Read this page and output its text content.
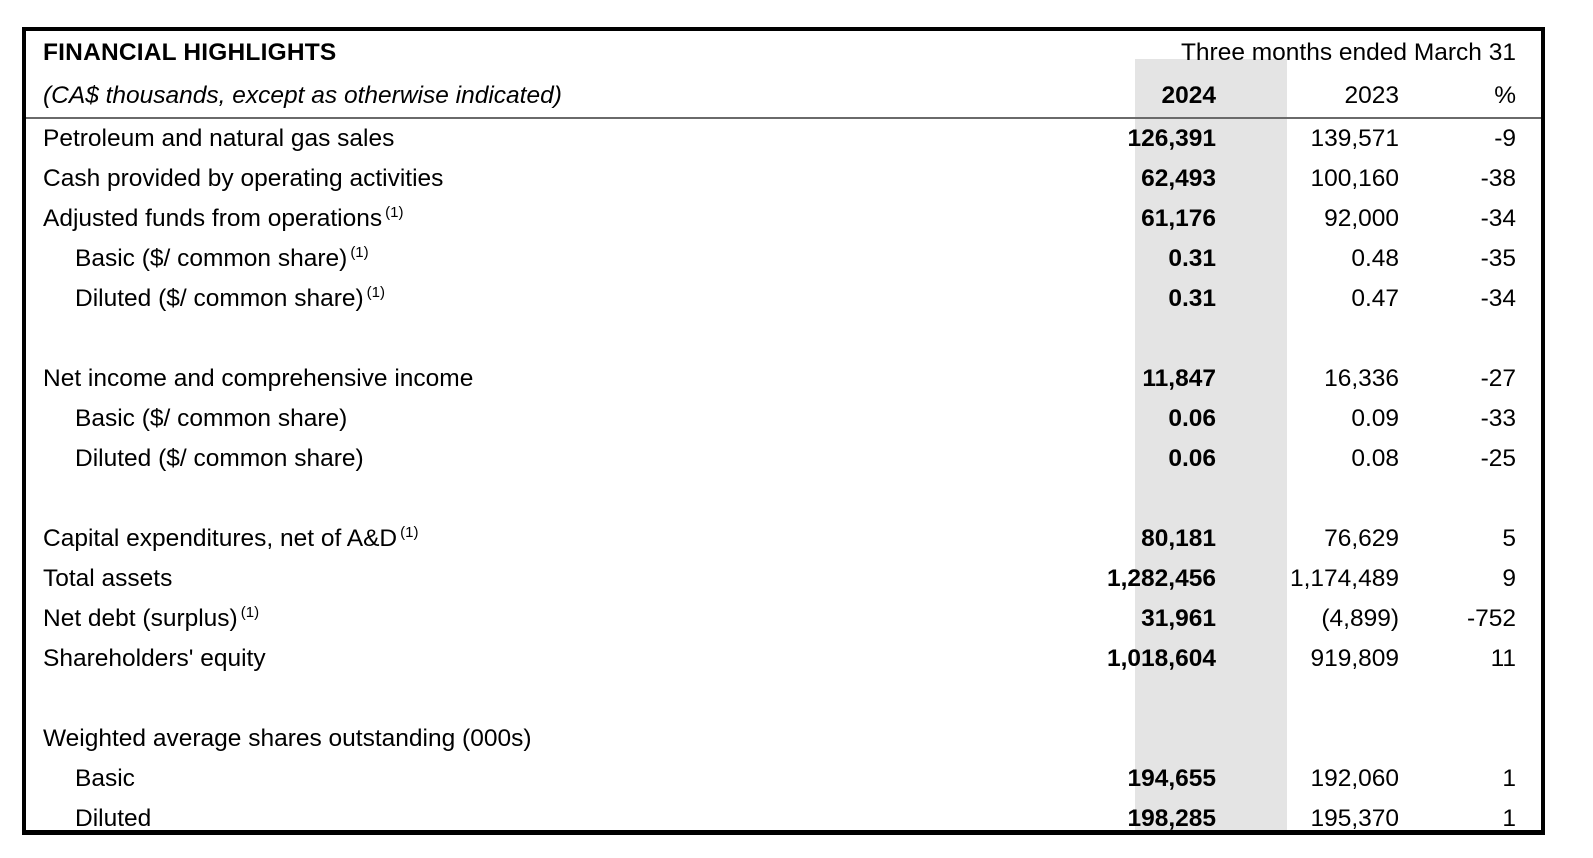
FINANCIAL HIGHLIGHTS	Three months ended March 31
(CA$ thousands, except as otherwise indicated)	2024	2023	%
Petroleum and natural gas sales	126,391	139,571	-9
Cash provided by operating activities	62,493	100,160	-38
Adjusted funds from operations $^{(1)}$	61,176	92,000	-34
Basic ($/ common share) $^{(1)}$	0.31	0.48	-35
Diluted ($/ common share) $^{(1)}$	0.31	0.47	-34
Net income and comprehensive income	11,847	16,336	-27
Basic ($/ common share)	0.06	0.09	-33
Diluted ($/ common share)	0.06	0.08	-25
Capital expenditures, net of A&D $^{(1)}$	80,181	76,629	5
Total assets	1,282,456	1,174,489	9
Net debt (surplus) $^{(1)}$	31,961	(4,899)	-752
Shareholders' equity	1,018,604	919,809	11
Weighted average shares outstanding (000s)
Basic	194,655	192,060	1
Diluted	198,285	195,370	1
